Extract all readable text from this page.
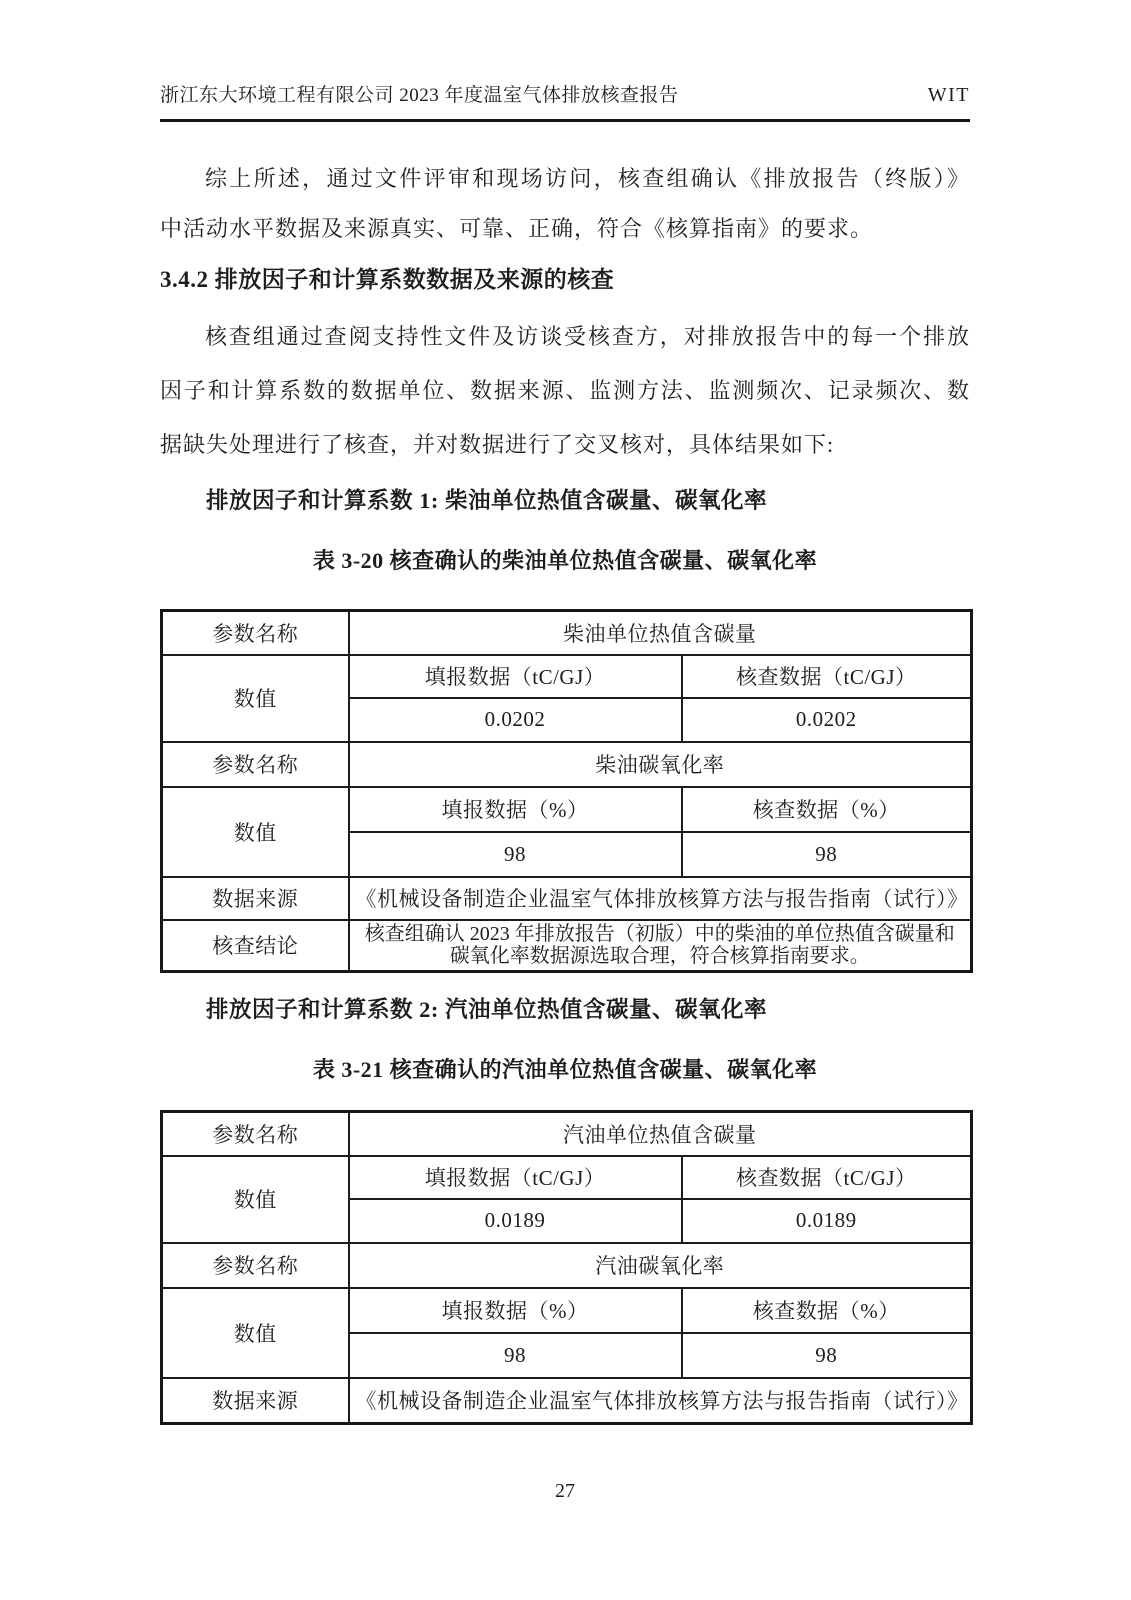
浙江东大环境工程有限公司 2023 年度温室气体排放核查报告	WIT
综上所述，通过文件评审和现场访问，核查组确认《排放报告（终版）》
中活动水平数据及来源真实、可靠、正确，符合《核算指南》的要求。
3.4.2 排放因子和计算系数数据及来源的核查
核查组通过查阅支持性文件及访谈受核查方，对排放报告中的每一个排放
因子和计算系数的数据单位、数据来源、监测方法、监测频次、记录频次、数
据缺失处理进行了核查，并对数据进行了交叉核对，具体结果如下:
排放因子和计算系数 1: 柴油单位热值含碳量、碳氧化率
表 3-20 核查确认的柴油单位热值含碳量、碳氧化率
参数名称	柴油单位热值含碳量	
数值	填报数据（tC/GJ）	核查数据（tC/GJ）
	0.0202	0.0202
参数名称	柴油碳氧化率	
数值	填报数据（%）	核查数据（%）
	98	98
数据来源	《机械设备制造企业温室气体排放核算方法与报告指南（试行）》	
核查结论	核查组确认 2023 年排放报告（初版）中的柴油的单位热值含碳量和碳氧化率数据源选取合理，符合核算指南要求。	
排放因子和计算系数 2: 汽油单位热值含碳量、碳氧化率
表 3-21 核查确认的汽油单位热值含碳量、碳氧化率
参数名称	汽油单位热值含碳量	
数值	填报数据（tC/GJ）	核查数据（tC/GJ）
	0.0189	0.0189
参数名称	汽油碳氧化率	
数值	填报数据（%）	核查数据（%）
	98	98
数据来源	《机械设备制造企业温室气体排放核算方法与报告指南（试行）》	
27
